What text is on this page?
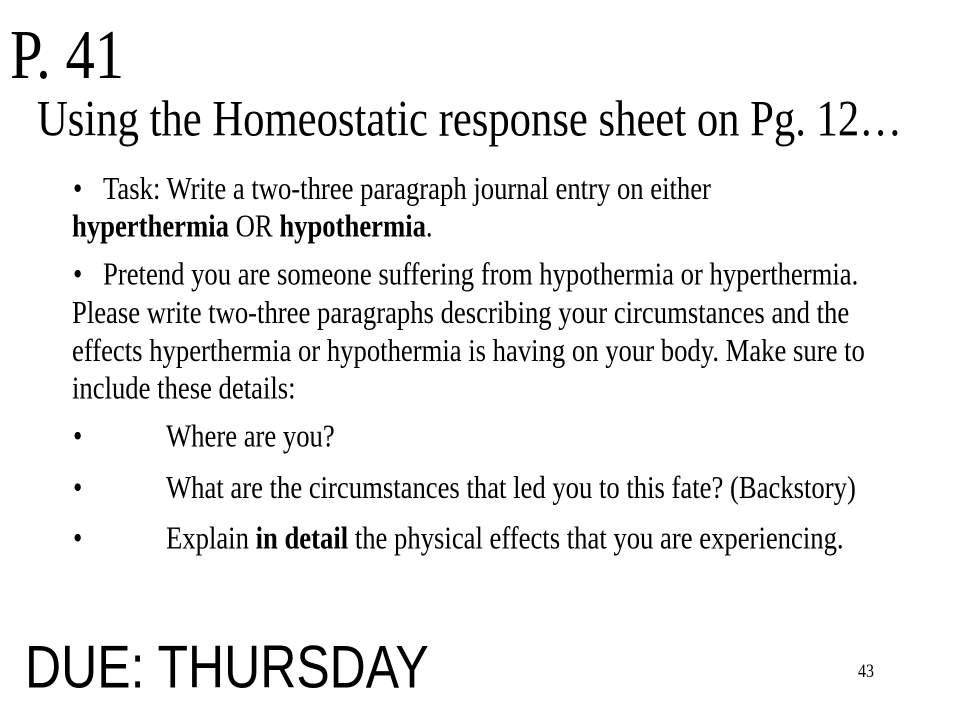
P. 41
Using the Homeostatic response sheet on Pg. 12…
• Task: Write a two-three paragraph journal entry on either
hyperthermia OR hypothermia.
• Pretend you are someone suffering from hypothermia or hyperthermia.
Please write two-three paragraphs describing your circumstances and the
effects hyperthermia or hypothermia is having on your body. Make sure to
include these details:
•	Where are you?
•	What are the circumstances that led you to this fate? (Backstory)
•	Explain in detail the physical effects that you are experiencing.
DUE: THURSDAY	43
